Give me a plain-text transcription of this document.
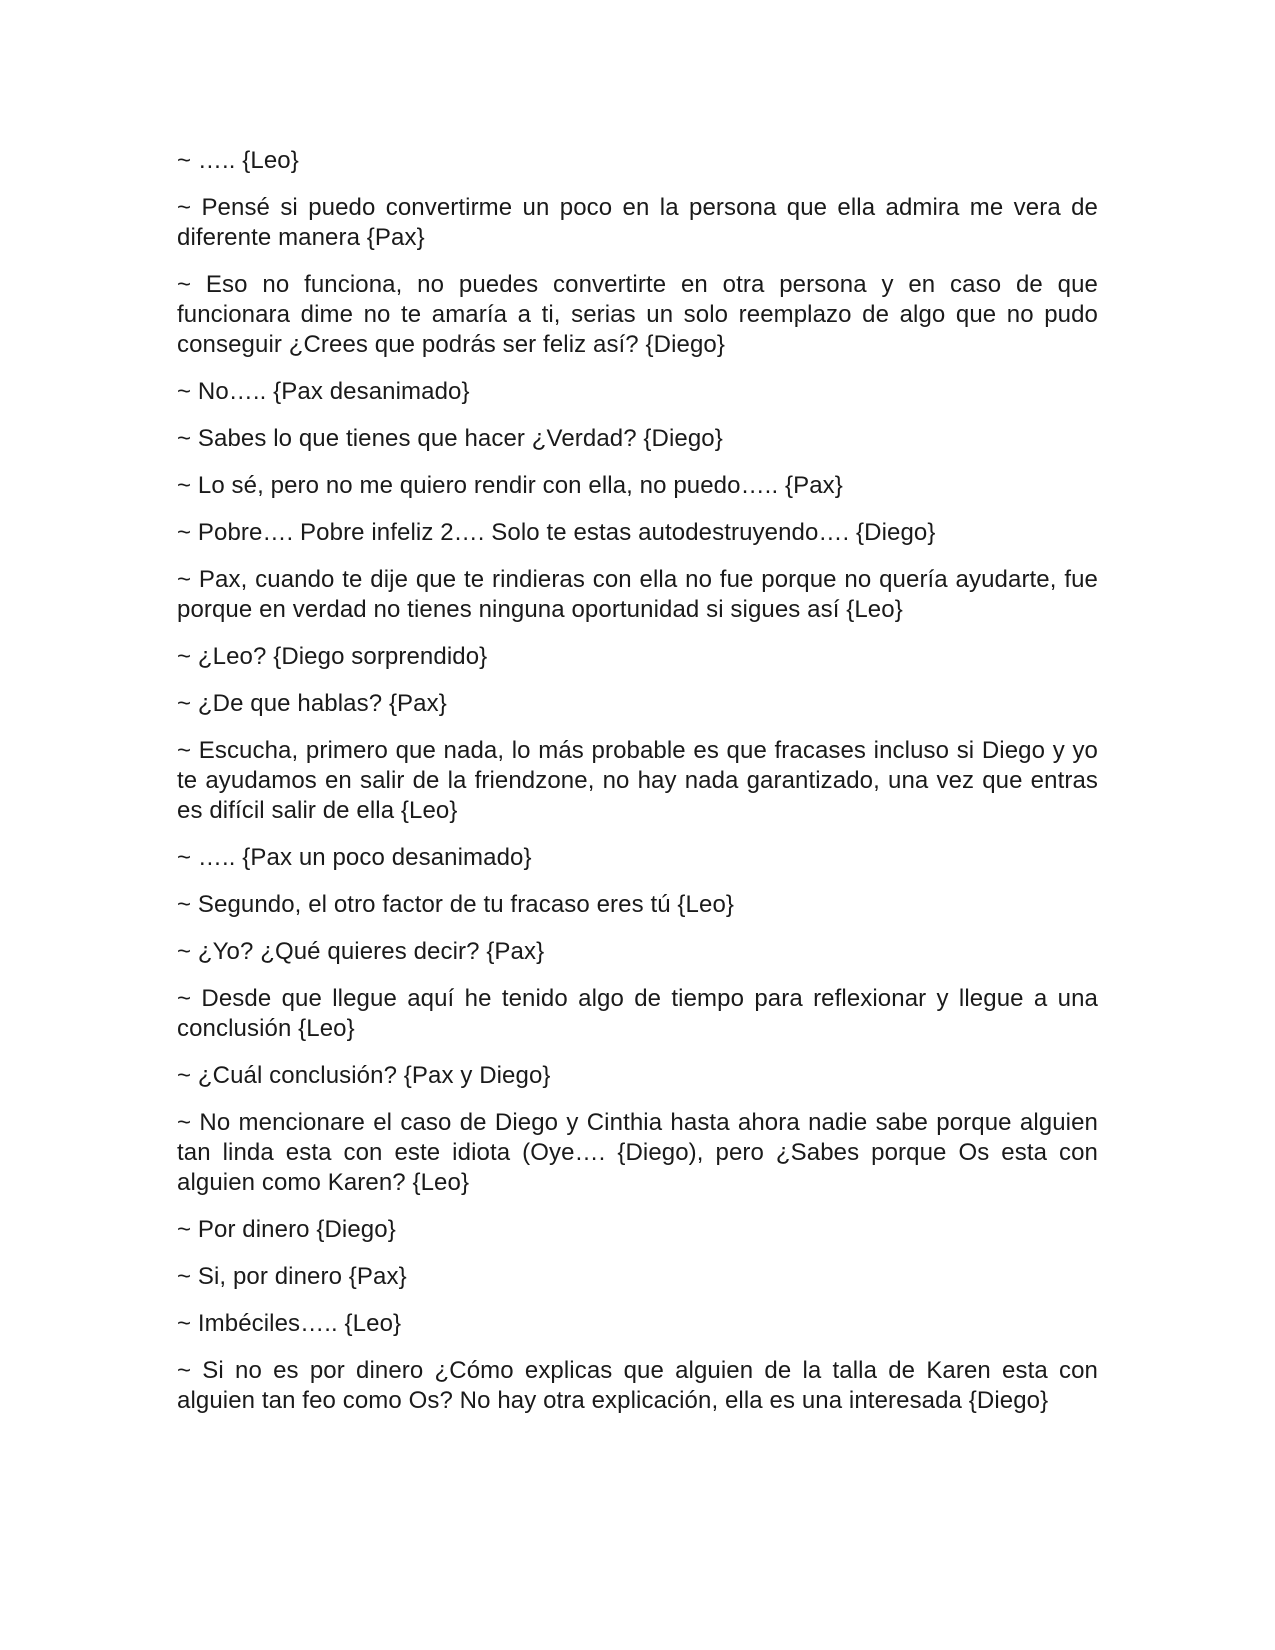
~ ….. {Leo}

~ Pensé si puedo convertirme un poco en la persona que ella admira me vera de diferente manera {Pax}

~ Eso no funciona, no puedes convertirte en otra persona y en caso de que funcionara dime no te amaría a ti, serias un solo reemplazo de algo que no pudo conseguir ¿Crees que podrás ser feliz así? {Diego}

~ No….. {Pax desanimado}

~ Sabes lo que tienes que hacer ¿Verdad? {Diego}

~ Lo sé, pero no me quiero rendir con ella, no puedo….. {Pax}

~ Pobre…. Pobre infeliz 2…. Solo te estas autodestruyendo…. {Diego}

~ Pax, cuando te dije que te rindieras con ella no fue porque no quería ayudarte, fue porque en verdad no tienes ninguna oportunidad si sigues así {Leo}

~ ¿Leo? {Diego sorprendido}

~ ¿De que hablas? {Pax}

~ Escucha, primero que nada, lo más probable es que fracases incluso si Diego y yo te ayudamos en salir de la friendzone, no hay nada garantizado, una vez que entras es difícil salir de ella {Leo}

~ ….. {Pax un poco desanimado}

~ Segundo, el otro factor de tu fracaso eres tú {Leo}

~ ¿Yo? ¿Qué quieres decir? {Pax}

~ Desde que llegue aquí he tenido algo de tiempo para reflexionar y llegue a una conclusión {Leo}

~ ¿Cuál conclusión? {Pax y Diego}

~ No mencionare el caso de Diego y Cinthia hasta ahora nadie sabe porque alguien tan linda esta con este idiota (Oye…. {Diego), pero ¿Sabes porque Os esta con alguien como Karen? {Leo}

~ Por dinero {Diego}

~ Si, por dinero {Pax}

~ Imbéciles….. {Leo}

~ Si no es por dinero ¿Cómo explicas que alguien de la talla de Karen esta con alguien tan feo como Os? No hay otra explicación, ella es una interesada {Diego}
